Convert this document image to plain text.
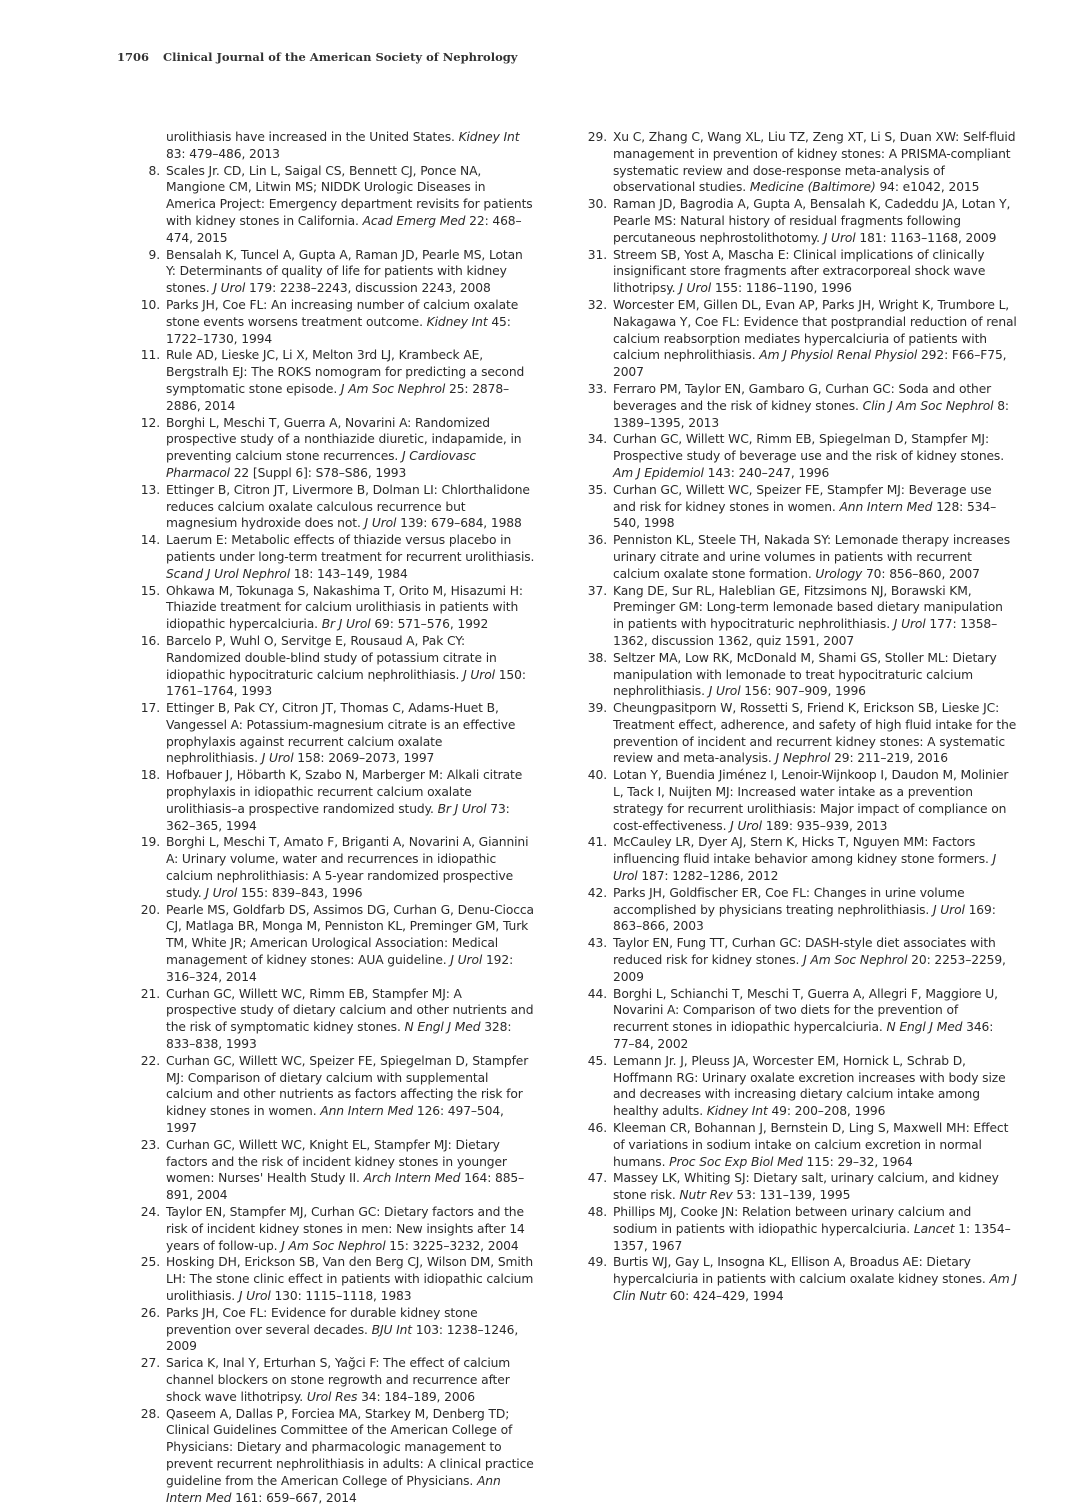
1706 Clinical Journal of the American Society of Nephrology
urolithiasis have increased in the United States. Kidney Int 83: 479–486, 2013
8. Scales Jr. CD, Lin L, Saigal CS, Bennett CJ, Ponce NA, Mangione CM, Litwin MS; NIDDK Urologic Diseases in America Project: Emergency department revisits for patients with kidney stones in California. Acad Emerg Med 22: 468–474, 2015
9. Bensalah K, Tuncel A, Gupta A, Raman JD, Pearle MS, Lotan Y: Determinants of quality of life for patients with kidney stones. J Urol 179: 2238–2243, discussion 2243, 2008
10. Parks JH, Coe FL: An increasing number of calcium oxalate stone events worsens treatment outcome. Kidney Int 45: 1722–1730, 1994
11. Rule AD, Lieske JC, Li X, Melton 3rd LJ, Krambeck AE, Bergstralh EJ: The ROKS nomogram for predicting a second symptomatic stone episode. J Am Soc Nephrol 25: 2878–2886, 2014
12. Borghi L, Meschi T, Guerra A, Novarini A: Randomized prospective study of a nonthiazide diuretic, indapamide, in preventing calcium stone recurrences. J Cardiovasc Pharmacol 22 [Suppl 6]: S78–S86, 1993
13. Ettinger B, Citron JT, Livermore B, Dolman LI: Chlorthalidone reduces calcium oxalate calculous recurrence but magnesium hydroxide does not. J Urol 139: 679–684, 1988
14. Laerum E: Metabolic effects of thiazide versus placebo in patients under long-term treatment for recurrent urolithiasis. Scand J Urol Nephrol 18: 143–149, 1984
15. Ohkawa M, Tokunaga S, Nakashima T, Orito M, Hisazumi H: Thiazide treatment for calcium urolithiasis in patients with idiopathic hypercalciuria. Br J Urol 69: 571–576, 1992
16. Barcelo P, Wuhl O, Servitge E, Rousaud A, Pak CY: Randomized double-blind study of potassium citrate in idiopathic hypocitraturic calcium nephrolithiasis. J Urol 150: 1761–1764, 1993
17. Ettinger B, Pak CY, Citron JT, Thomas C, Adams-Huet B, Vangessel A: Potassium-magnesium citrate is an effective prophylaxis against recurrent calcium oxalate nephrolithiasis. J Urol 158: 2069–2073, 1997
18. Hofbauer J, Höbarth K, Szabo N, Marberger M: Alkali citrate prophylaxis in idiopathic recurrent calcium oxalate urolithiasis–a prospective randomized study. Br J Urol 73: 362–365, 1994
19. Borghi L, Meschi T, Amato F, Briganti A, Novarini A, Giannini A: Urinary volume, water and recurrences in idiopathic calcium nephrolithiasis: A 5-year randomized prospective study. J Urol 155: 839–843, 1996
20. Pearle MS, Goldfarb DS, Assimos DG, Curhan G, Denu-Ciocca CJ, Matlaga BR, Monga M, Penniston KL, Preminger GM, Turk TM, White JR; American Urological Association: Medical management of kidney stones: AUA guideline. J Urol 192: 316–324, 2014
21. Curhan GC, Willett WC, Rimm EB, Stampfer MJ: A prospective study of dietary calcium and other nutrients and the risk of symptomatic kidney stones. N Engl J Med 328: 833–838, 1993
22. Curhan GC, Willett WC, Speizer FE, Spiegelman D, Stampfer MJ: Comparison of dietary calcium with supplemental calcium and other nutrients as factors affecting the risk for kidney stones in women. Ann Intern Med 126: 497–504, 1997
23. Curhan GC, Willett WC, Knight EL, Stampfer MJ: Dietary factors and the risk of incident kidney stones in younger women: Nurses' Health Study II. Arch Intern Med 164: 885–891, 2004
24. Taylor EN, Stampfer MJ, Curhan GC: Dietary factors and the risk of incident kidney stones in men: New insights after 14 years of follow-up. J Am Soc Nephrol 15: 3225–3232, 2004
25. Hosking DH, Erickson SB, Van den Berg CJ, Wilson DM, Smith LH: The stone clinic effect in patients with idiopathic calcium urolithiasis. J Urol 130: 1115–1118, 1983
26. Parks JH, Coe FL: Evidence for durable kidney stone prevention over several decades. BJU Int 103: 1238–1246, 2009
27. Sarica K, Inal Y, Erturhan S, Yağci F: The effect of calcium channel blockers on stone regrowth and recurrence after shock wave lithotripsy. Urol Res 34: 184–189, 2006
28. Qaseem A, Dallas P, Forciea MA, Starkey M, Denberg TD; Clinical Guidelines Committee of the American College of Physicians: Dietary and pharmacologic management to prevent recurrent nephrolithiasis in adults: A clinical practice guideline from the American College of Physicians. Ann Intern Med 161: 659–667, 2014
29. Xu C, Zhang C, Wang XL, Liu TZ, Zeng XT, Li S, Duan XW: Self-fluid management in prevention of kidney stones: A PRISMA-compliant systematic review and dose-response meta-analysis of observational studies. Medicine (Baltimore) 94: e1042, 2015
30. Raman JD, Bagrodia A, Gupta A, Bensalah K, Cadeddu JA, Lotan Y, Pearle MS: Natural history of residual fragments following percutaneous nephrostolithotomy. J Urol 181: 1163–1168, 2009
31. Streem SB, Yost A, Mascha E: Clinical implications of clinically insignificant store fragments after extracorporeal shock wave lithotripsy. J Urol 155: 1186–1190, 1996
32. Worcester EM, Gillen DL, Evan AP, Parks JH, Wright K, Trumbore L, Nakagawa Y, Coe FL: Evidence that postprandial reduction of renal calcium reabsorption mediates hypercalciuria of patients with calcium nephrolithiasis. Am J Physiol Renal Physiol 292: F66–F75, 2007
33. Ferraro PM, Taylor EN, Gambaro G, Curhan GC: Soda and other beverages and the risk of kidney stones. Clin J Am Soc Nephrol 8: 1389–1395, 2013
34. Curhan GC, Willett WC, Rimm EB, Spiegelman D, Stampfer MJ: Prospective study of beverage use and the risk of kidney stones. Am J Epidemiol 143: 240–247, 1996
35. Curhan GC, Willett WC, Speizer FE, Stampfer MJ: Beverage use and risk for kidney stones in women. Ann Intern Med 128: 534–540, 1998
36. Penniston KL, Steele TH, Nakada SY: Lemonade therapy increases urinary citrate and urine volumes in patients with recurrent calcium oxalate stone formation. Urology 70: 856–860, 2007
37. Kang DE, Sur RL, Haleblian GE, Fitzsimons NJ, Borawski KM, Preminger GM: Long-term lemonade based dietary manipulation in patients with hypocitraturic nephrolithiasis. J Urol 177: 1358–1362, discussion 1362, quiz 1591, 2007
38. Seltzer MA, Low RK, McDonald M, Shami GS, Stoller ML: Dietary manipulation with lemonade to treat hypocitraturic calcium nephrolithiasis. J Urol 156: 907–909, 1996
39. Cheungpasitporn W, Rossetti S, Friend K, Erickson SB, Lieske JC: Treatment effect, adherence, and safety of high fluid intake for the prevention of incident and recurrent kidney stones: A systematic review and meta-analysis. J Nephrol 29: 211–219, 2016
40. Lotan Y, Buendia Jiménez I, Lenoir-Wijnkoop I, Daudon M, Molinier L, Tack I, Nuijten MJ: Increased water intake as a prevention strategy for recurrent urolithiasis: Major impact of compliance on cost-effectiveness. J Urol 189: 935–939, 2013
41. McCauley LR, Dyer AJ, Stern K, Hicks T, Nguyen MM: Factors influencing fluid intake behavior among kidney stone formers. J Urol 187: 1282–1286, 2012
42. Parks JH, Goldfischer ER, Coe FL: Changes in urine volume accomplished by physicians treating nephrolithiasis. J Urol 169: 863–866, 2003
43. Taylor EN, Fung TT, Curhan GC: DASH-style diet associates with reduced risk for kidney stones. J Am Soc Nephrol 20: 2253–2259, 2009
44. Borghi L, Schianchi T, Meschi T, Guerra A, Allegri F, Maggiore U, Novarini A: Comparison of two diets for the prevention of recurrent stones in idiopathic hypercalciuria. N Engl J Med 346: 77–84, 2002
45. Lemann Jr. J, Pleuss JA, Worcester EM, Hornick L, Schrab D, Hoffmann RG: Urinary oxalate excretion increases with body size and decreases with increasing dietary calcium intake among healthy adults. Kidney Int 49: 200–208, 1996
46. Kleeman CR, Bohannan J, Bernstein D, Ling S, Maxwell MH: Effect of variations in sodium intake on calcium excretion in normal humans. Proc Soc Exp Biol Med 115: 29–32, 1964
47. Massey LK, Whiting SJ: Dietary salt, urinary calcium, and kidney stone risk. Nutr Rev 53: 131–139, 1995
48. Phillips MJ, Cooke JN: Relation between urinary calcium and sodium in patients with idiopathic hypercalciuria. Lancet 1: 1354–1357, 1967
49. Burtis WJ, Gay L, Insogna KL, Ellison A, Broadus AE: Dietary hypercalciuria in patients with calcium oxalate kidney stones. Am J Clin Nutr 60: 424–429, 1994
